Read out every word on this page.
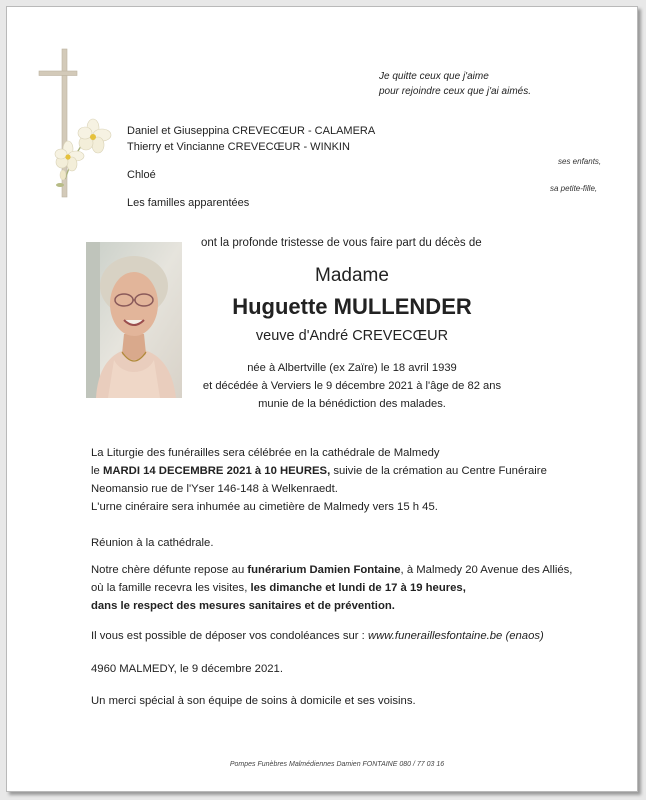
Je quitte ceux que j'aime
pour rejoindre ceux que j'ai aimés.
Daniel et Giuseppina CREVECŒUR - CALAMERA
Thierry et Vincianne CREVECŒUR - WINKIN
ses enfants,
Chloé
sa petite-fille,
Les familles apparentées
ont la profonde tristesse de vous faire part du décès de
Madame
Huguette MULLENDER
veuve d'André CREVECŒUR
née à Albertville (ex Zaïre) le 18 avril 1939
et décédée à Verviers le 9 décembre 2021 à l'âge de 82 ans
munie de la bénédiction des malades.
La Liturgie des funérailles sera célébrée en la cathédrale de Malmedy
le MARDI 14 DECEMBRE 2021 à 10 HEURES, suivie de la crémation au Centre Funéraire
Neomansio rue de l'Yser 146-148 à Welkenraedt.
L'urne cinéraire sera inhumée au cimetière de Malmedy vers 15 h 45.
Réunion à la cathédrale.
Notre chère défunte repose au funérarium Damien Fontaine, à Malmedy 20 Avenue des Alliés,
où la famille recevra les visites, les dimanche et lundi de 17 à 19 heures,
dans le respect des mesures sanitaires et de prévention.
Il vous est possible de déposer vos condoléances sur : www.funeraillesfontaine.be (enaos)
4960 MALMEDY, le 9 décembre 2021.
Un merci spécial à son équipe de soins à domicile et ses voisins.
Pompes Funèbres Malmédiennes Damien FONTAINE 080 / 77 03 16
